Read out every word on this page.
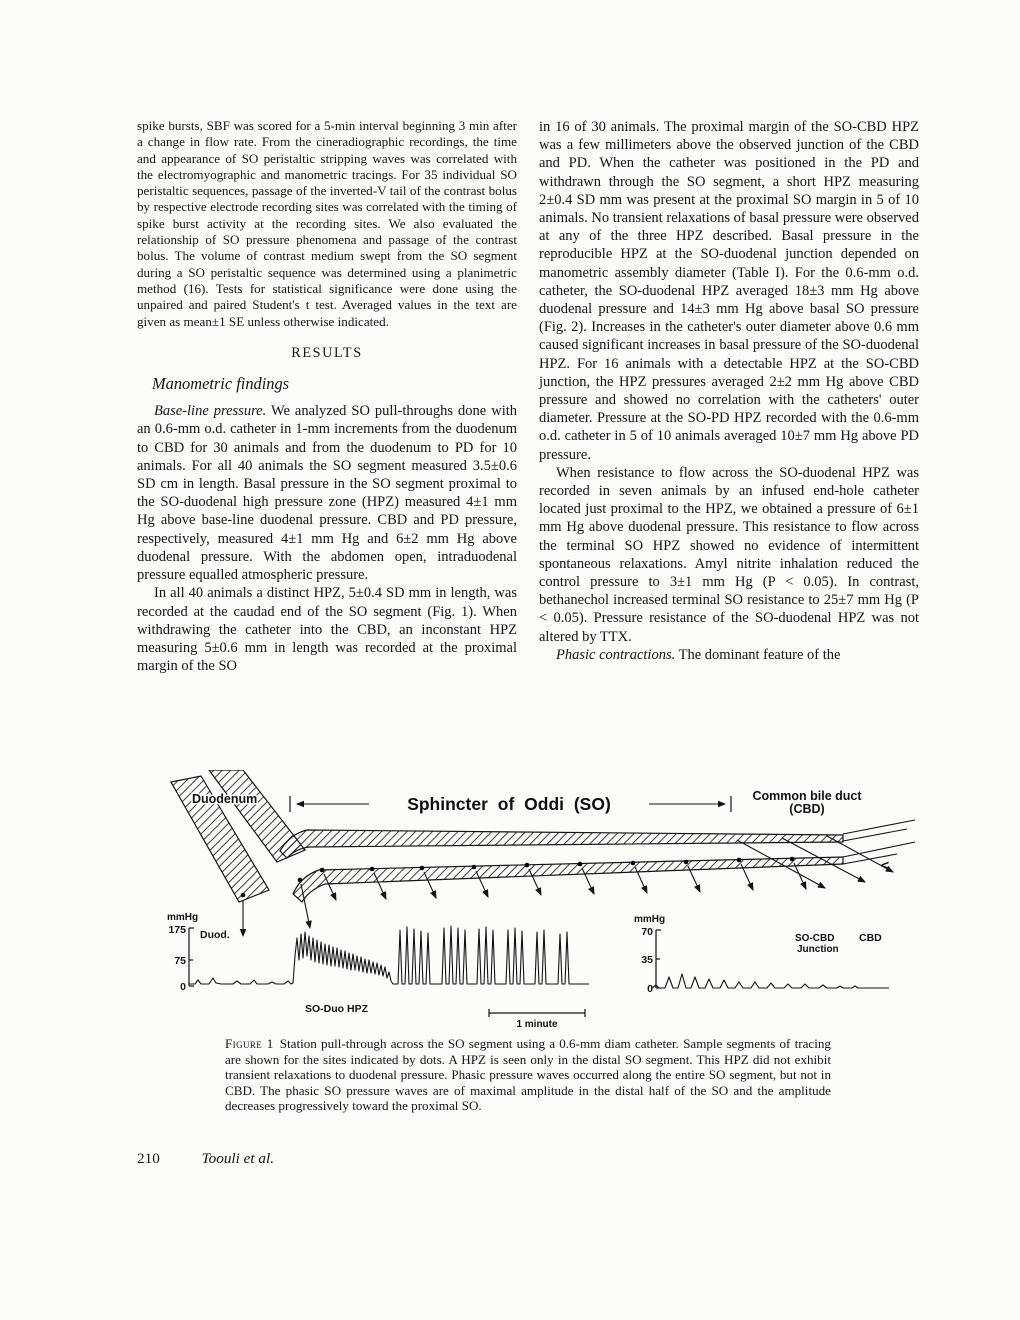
spike bursts, SBF was scored for a 5-min interval beginning 3 min after a change in flow rate. From the cineradiographic recordings, the time and appearance of SO peristaltic stripping waves was correlated with the electromyographic and manometric tracings. For 35 individual SO peristaltic sequences, passage of the inverted-V tail of the contrast bolus by respective electrode recording sites was correlated with the timing of spike burst activity at the recording sites. We also evaluated the relationship of SO pressure phenomena and passage of the contrast bolus. The volume of contrast medium swept from the SO segment during a SO peristaltic sequence was determined using a planimetric method (16). Tests for statistical significance were done using the unpaired and paired Student's t test. Averaged values in the text are given as mean±1 SE unless otherwise indicated.

RESULTS
Manometric findings

Base-line pressure. We analyzed SO pull-throughs done with an 0.6-mm o.d. catheter in 1-mm increments from the duodenum to CBD for 30 animals and from the duodenum to PD for 10 animals. For all 40 animals the SO segment measured 3.5±0.6 SD cm in length. Basal pressure in the SO segment proximal to the SO-duodenal high pressure zone (HPZ) measured 4±1 mm Hg above base-line duodenal pressure. CBD and PD pressure, respectively, measured 4±1 mm Hg and 6±2 mm Hg above duodenal pressure. With the abdomen open, intraduodenal pressure equalled atmospheric pressure.

In all 40 animals a distinct HPZ, 5±0.4 SD mm in length, was recorded at the caudad end of the SO segment (Fig. 1). When withdrawing the catheter into the CBD, an inconstant HPZ measuring 5±0.6 mm in length was recorded at the proximal margin of the SO

in 16 of 30 animals. The proximal margin of the SO-CBD HPZ was a few millimeters above the observed junction of the CBD and PD. When the catheter was positioned in the PD and withdrawn through the SO segment, a short HPZ measuring 2±0.4 SD mm was present at the proximal SO margin in 5 of 10 animals. No transient relaxations of basal pressure were observed at any of the three HPZ described. Basal pressure in the reproducible HPZ at the SO-duodenal junction depended on manometric assembly diameter (Table I). For the 0.6-mm o.d. catheter, the SO-duodenal HPZ averaged 18±3 mm Hg above duodenal pressure and 14±3 mm Hg above basal SO pressure (Fig. 2). Increases in the catheter's outer diameter above 0.6 mm caused significant increases in basal pressure of the SO-duodenal HPZ. For 16 animals with a detectable HPZ at the SO-CBD junction, the HPZ pressures averaged 2±2 mm Hg above CBD pressure and showed no correlation with the catheters' outer diameter. Pressure at the SO-PD HPZ recorded with the 0.6-mm o.d. catheter in 5 of 10 animals averaged 10±7 mm Hg above PD pressure.

When resistance to flow across the SO-duodenal HPZ was recorded in seven animals by an infused end-hole catheter located just proximal to the HPZ, we obtained a pressure of 6±1 mm Hg above duodenal pressure. This resistance to flow across the terminal SO HPZ showed no evidence of intermittent spontaneous relaxations. Amyl nitrite inhalation reduced the control pressure to 3±1 mm Hg (P < 0.05). In contrast, bethanechol increased terminal SO resistance to 25±7 mm Hg (P < 0.05). Pressure resistance of the SO-duodenal HPZ was not altered by TTX.

Phasic contractions. The dominant feature of the

<
Duodenum	Sphincter of Oddi (SO)	Common bile duct
(CBD)
mmHg
175
75
0
Duod.
SO-Duo HPZ
1 minute
mmHg
70
35
0
SO-CBD
Junction
CBD
Figure 1 Station pull-through across the SO segment using a 0.6-mm diam catheter. Sample segments of tracing are shown for the sites indicated by dots. A HPZ is seen only in the distal SO segment. This HPZ did not exhibit transient relaxations to duodenal pressure. Phasic pressure waves occurred along the entire SO segment, but not in CBD. The phasic SO pressure waves are of maximal amplitude in the distal half of the SO and the amplitude decreases progressively toward the proximal SO.
210	Toouli et al.
